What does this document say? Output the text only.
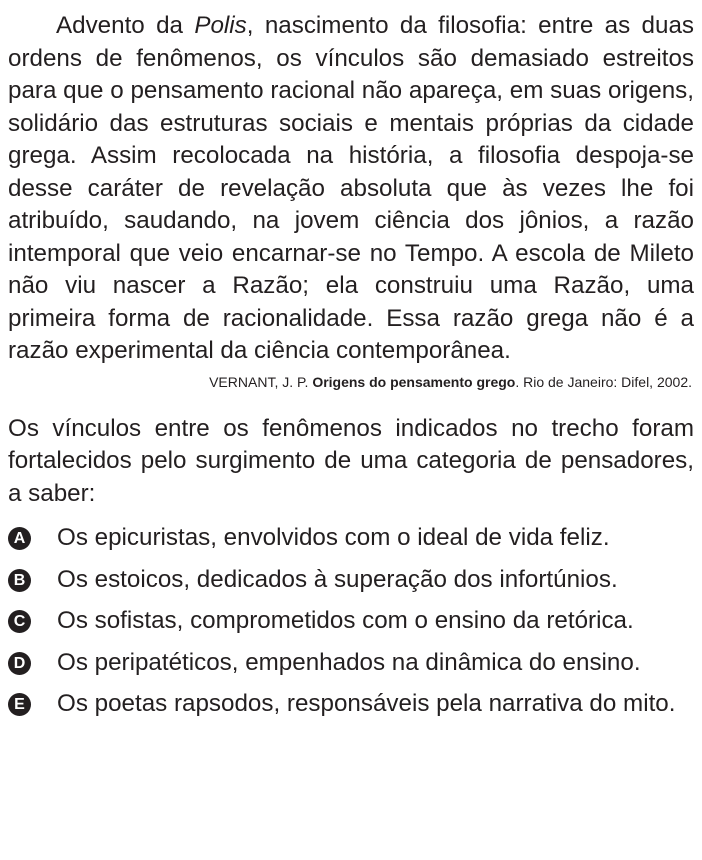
Advento da Polis, nascimento da filosofia: entre as duas ordens de fenômenos, os vínculos são demasiado estreitos para que o pensamento racional não apareça, em suas origens, solidário das estruturas sociais e mentais próprias da cidade grega. Assim recolocada na história, a filosofia despoja-se desse caráter de revelação absoluta que às vezes lhe foi atribuído, saudando, na jovem ciência dos jônios, a razão intemporal que veio encarnar-se no Tempo. A escola de Mileto não viu nascer a Razão; ela construiu uma Razão, uma primeira forma de racionalidade. Essa razão grega não é a razão experimental da ciência contemporânea.

VERNANT, J. P. Origens do pensamento grego. Rio de Janeiro: Difel, 2002.

Os vínculos entre os fenômenos indicados no trecho foram fortalecidos pelo surgimento de uma categoria de pensadores, a saber:

A Os epicuristas, envolvidos com o ideal de vida feliz.
B Os estoicos, dedicados à superação dos infortúnios.
C Os sofistas, comprometidos com o ensino da retórica.
D Os peripatéticos, empenhados na dinâmica do ensino.
E Os poetas rapsodos, responsáveis pela narrativa do mito.
